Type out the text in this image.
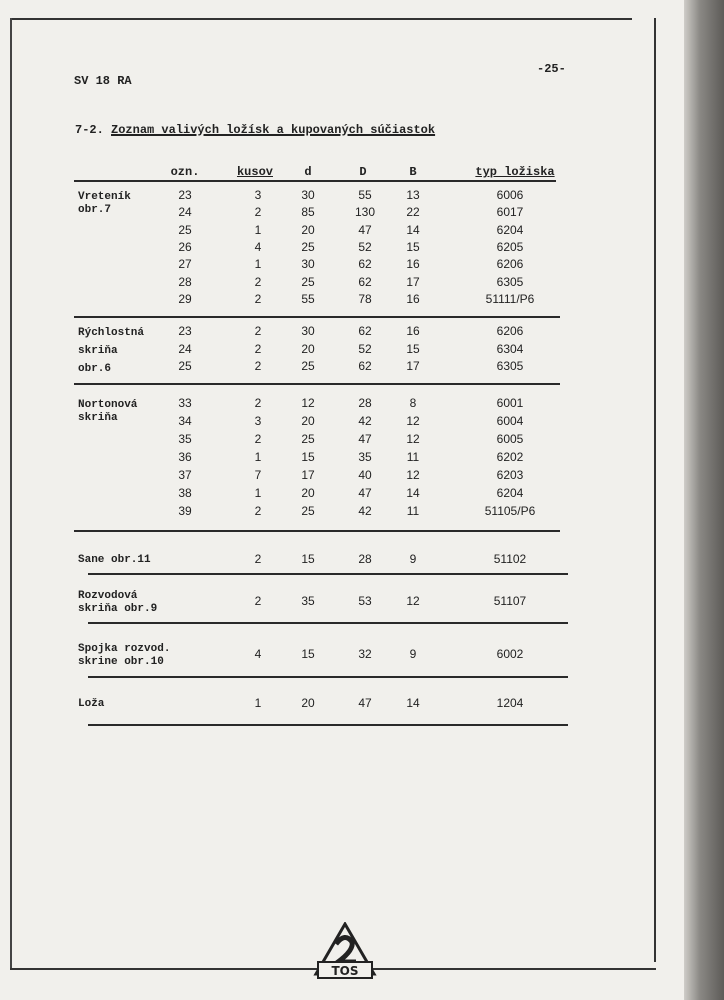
SV 18 RA
-25-
7-2. Zoznam valivých ložísk a kupovaných súčiastok
ozn.	kusov	d	D	B	typ ložiska
Vreteník
obr.7
23	3	30	55	13	6006
24	2	85	130	22	6017
25	1	20	47	14	6204
26	4	25	52	15	6205
27	1	30	62	16	6206
28	2	25	62	17	6305
29	2	55	78	16	51111/P6
Rýchlostná
skriňa
obr.6
23	2	30	62	16	6206
24	2	20	52	15	6304
25	2	25	62	17	6305
Nortonová
skriňa
33	2	12	28	8	6001
34	3	20	42	12	6004
35	2	25	47	12	6005
36	1	15	35	11	6202
37	7	17	40	12	6203
38	1	20	47	14	6204
39	2	25	42	11	51105/P6
Sane obr.11	2	15	28	9	51102
Rozvodová
skriňa obr.9
2	35	53	12	51107
Spojka rozvod.
skrine obr.10
4	15	32	9	6002
Loža	1	20	47	14	1204
TOS
